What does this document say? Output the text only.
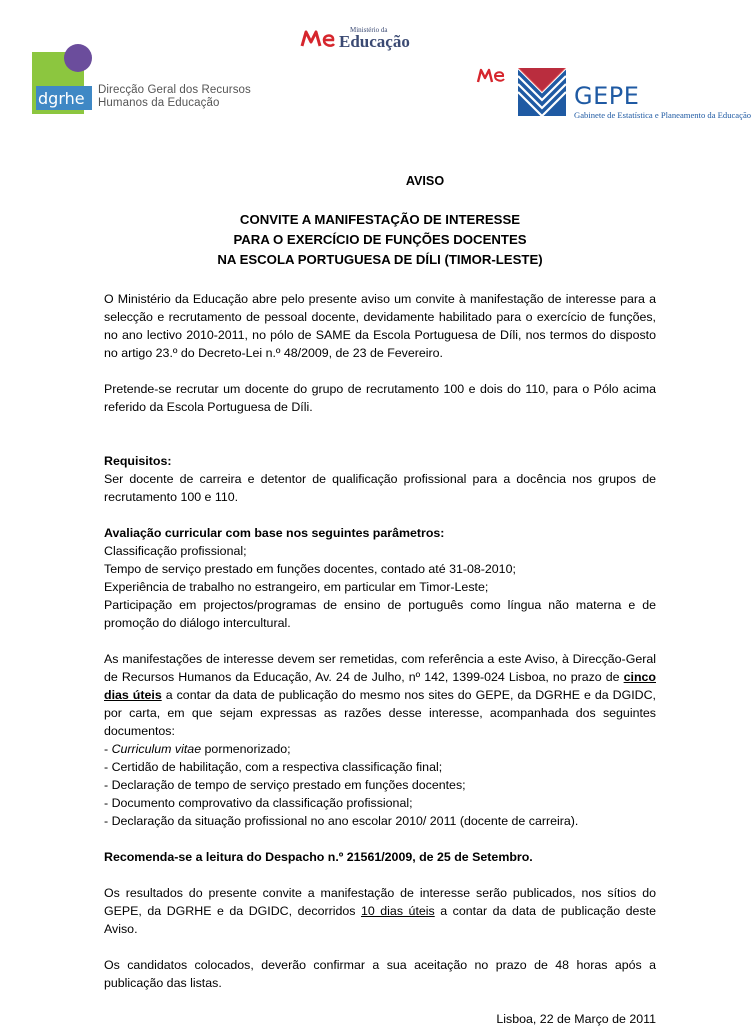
dgrhe Direcção Geral dos Recursos
Humanos da Educação
Ministério da
Educação
GEPE
Gabinete de Estatística e Planeamento da Educação
AVISO
CONVITE A MANIFESTAÇÃO DE INTERESSE
PARA O EXERCÍCIO DE FUNÇÕES DOCENTES
NA ESCOLA PORTUGUESA DE DÍLI (TIMOR-LESTE)

O Ministério da Educação abre pelo presente aviso um convite à manifestação de interesse para a selecção e recrutamento de pessoal docente, devidamente habilitado para o exercício de funções, no ano lectivo 2010-2011, no pólo de SAME da Escola Portuguesa de Díli, nos termos do disposto no artigo 23.º do Decreto-Lei n.º 48/2009, de 23 de Fevereiro.

Pretende-se recrutar um docente do grupo de recrutamento 100 e dois do 110, para o Pólo acima referido da Escola Portuguesa de Díli.

Requisitos:

Ser docente de carreira e detentor de qualificação profissional para a docência nos grupos de recrutamento 100 e 110.

Avaliação curricular com base nos seguintes parâmetros:
Classificação profissional;
Tempo de serviço prestado em funções docentes, contado até 31-08-2010;
Experiência de trabalho no estrangeiro, em particular em Timor-Leste;

Participação em projectos/programas de ensino de português como língua não materna e de promoção do diálogo intercultural.

As manifestações de interesse devem ser remetidas, com referência a este Aviso, à Direcção-Geral de Recursos Humanos da Educação, Av. 24 de Julho, nº 142, 1399-024 Lisboa, no prazo de cinco dias úteis a contar da data de publicação do mesmo nos sites do GEPE, da DGRHE e da DGIDC, por carta, em que sejam expressas as razões desse interesse, acompanhada dos seguintes documentos:
- Curriculum vitae pormenorizado;
- Certidão de habilitação, com a respectiva classificação final;
- Declaração de tempo de serviço prestado em funções docentes;
- Documento comprovativo da classificação profissional;

- Declaração da situação profissional no ano escolar 2010/ 2011 (docente de carreira).

Recomenda-se a leitura do Despacho n.º 21561/2009, de 25 de Setembro.

Os resultados do presente convite a manifestação de interesse serão publicados, nos sítios do GEPE, da DGRHE e da DGIDC, decorridos 10 dias úteis a contar da data de publicação deste Aviso.

Os candidatos colocados, deverão confirmar a sua aceitação no prazo de 48 horas após a publicação das listas.

Lisboa, 22 de Março de 2011
